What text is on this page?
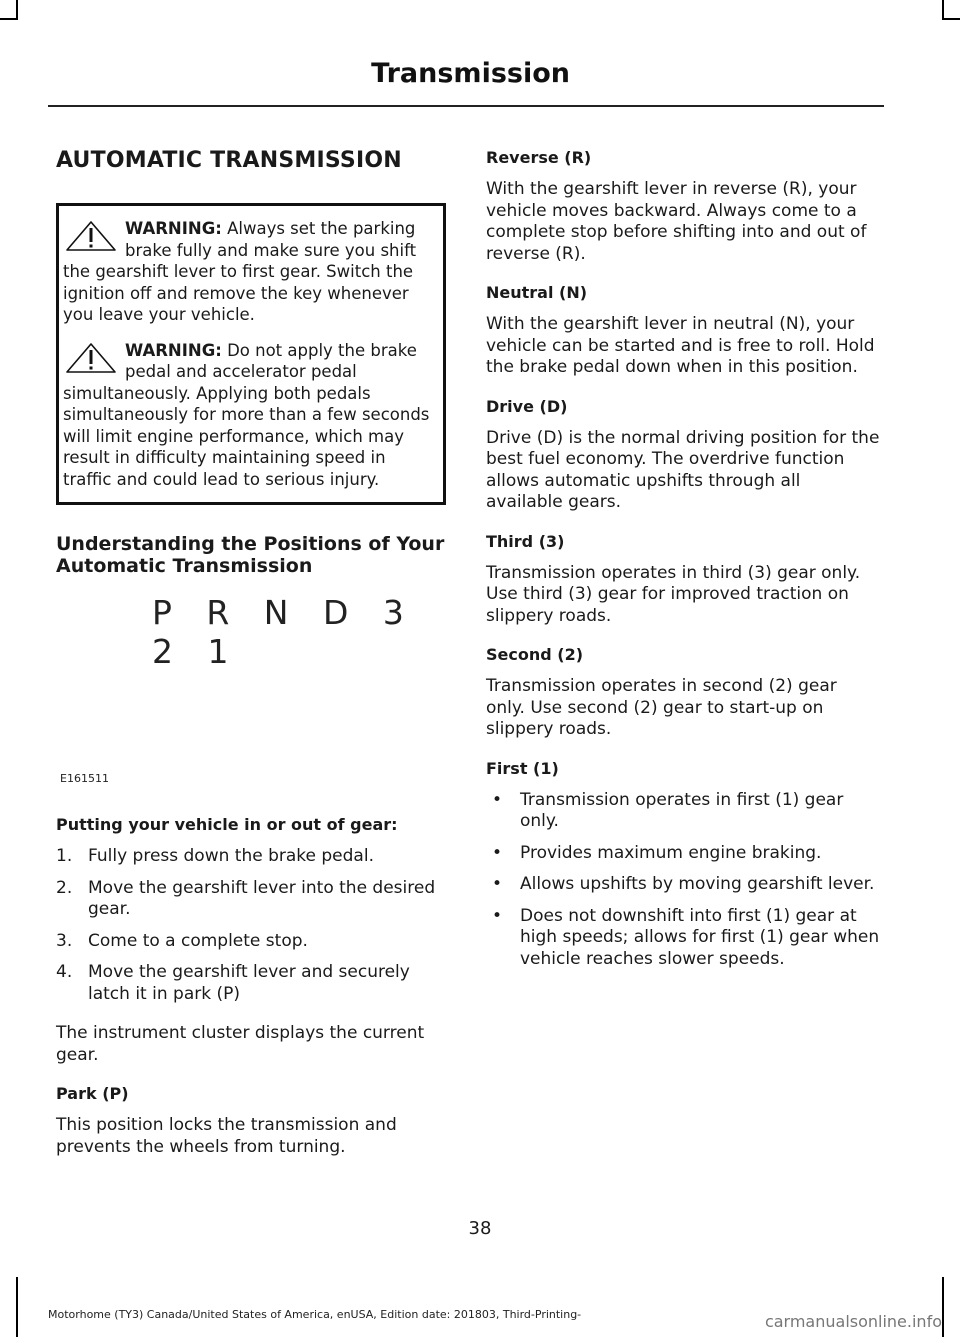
Transmission
AUTOMATIC TRANSMISSION
WARNING: Always set the parking brake fully and make sure you shift the gearshift lever to first gear. Switch the ignition off and remove the key whenever you leave your vehicle.
WARNING: Do not apply the brake pedal and accelerator pedal simultaneously. Applying both pedals simultaneously for more than a few seconds will limit engine performance, which may result in difficulty maintaining speed in traffic and could lead to serious injury.
Understanding the Positions of Your Automatic Transmission
P R N D 3 2 1
E161511
Putting your vehicle in or out of gear:
1. Fully press down the brake pedal.
2. Move the gearshift lever into the desired gear.
3. Come to a complete stop.
4. Move the gearshift lever and securely latch it in park (P)

The instrument cluster displays the current gear.

Park (P)

This position locks the transmission and prevents the wheels from turning.

Reverse (R)

With the gearshift lever in reverse (R), your vehicle moves backward. Always come to a complete stop before shifting into and out of reverse (R).

Neutral (N)

With the gearshift lever in neutral (N), your vehicle can be started and is free to roll. Hold the brake pedal down when in this position.

Drive (D)

Drive (D) is the normal driving position for the best fuel economy. The overdrive function allows automatic upshifts through all available gears.

Third (3)

Transmission operates in third (3) gear only. Use third (3) gear for improved traction on slippery roads.

Second (2)

Transmission operates in second (2) gear only. Use second (2) gear to start-up on slippery roads.

First (1)
• Transmission operates in first (1) gear only.
• Provides maximum engine braking.
• Allows upshifts by moving gearshift lever.
• Does not downshift into first (1) gear at high speeds; allows for first (1) gear when vehicle reaches slower speeds.
38
Motorhome (TY3) Canada/United States of America, enUSA, Edition date: 201803, Third-Printing-	carmanualsonline.info
